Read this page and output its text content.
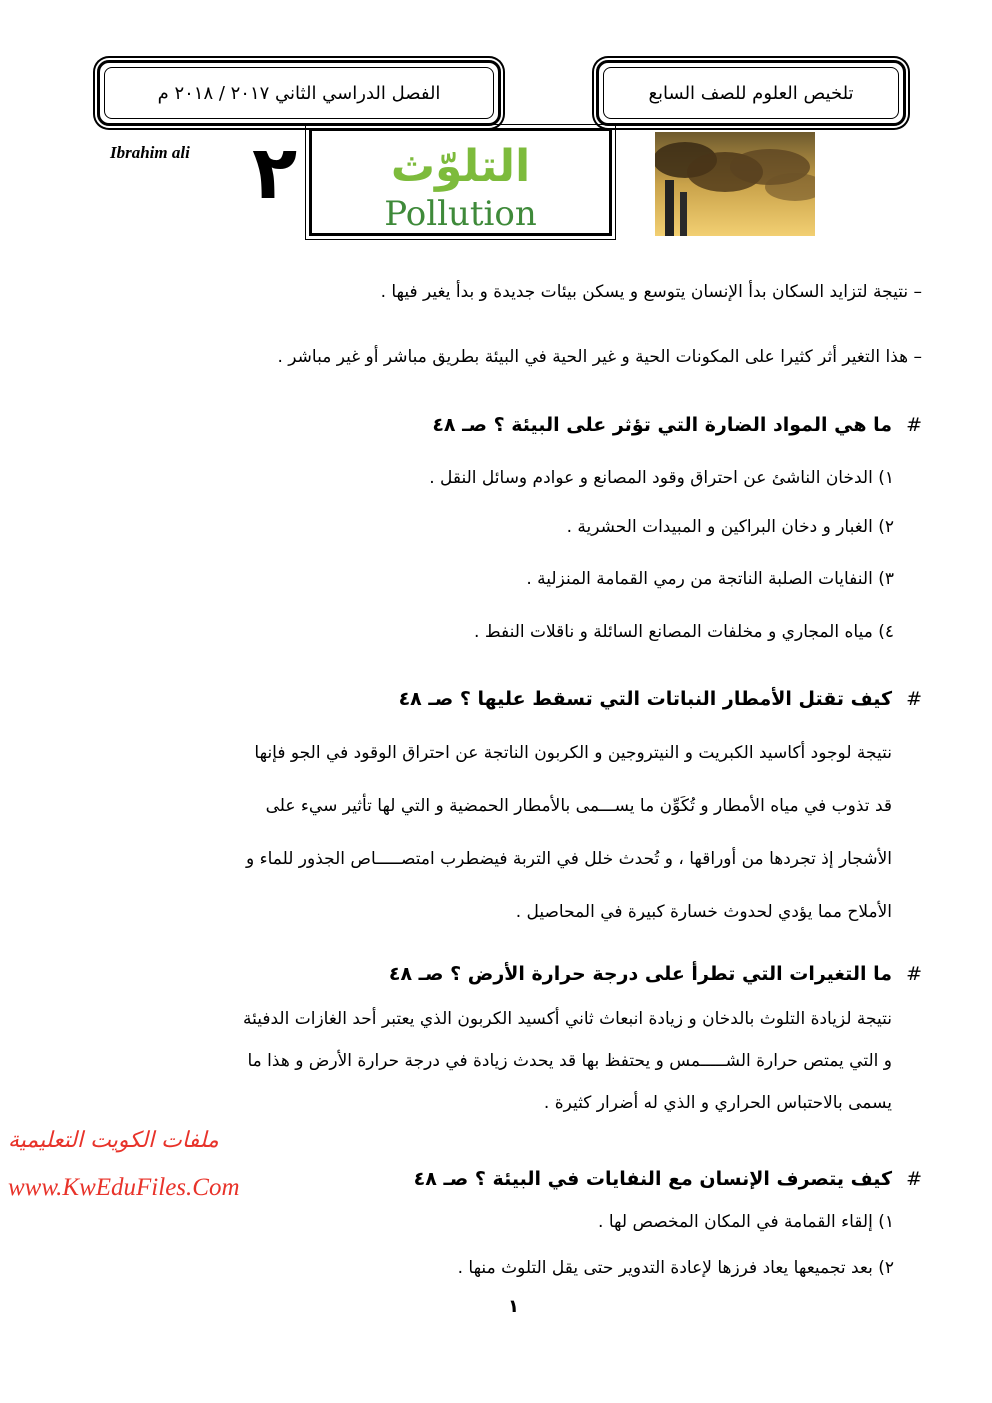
الفصل الدراسي الثاني ٢٠١٧ / ٢٠١٨ م	تلخيص العلوم للصف السابع
Ibrahim ali ٢	التلوّث
Pollution
– نتيجة لتزايد السكان بدأ الإنسان يتوسع و يسكن بيئات جديدة و بدأ يغير فيها .
– هذا التغير أثر كثيرا على المكونات الحية و غير الحية في البيئة بطريق مباشر أو غير مباشر .
#ما هي المواد الضارة التي تؤثر على البيئة ؟ صـ ٤٨
١) الدخان الناشئ عن احتراق وقود المصانع و عوادم وسائل النقل .
٢) الغبار و دخان البراكين و المبيدات الحشرية .
٣) النفايات الصلبة الناتجة من رمي القمامة المنزلية .
٤) مياه المجاري و مخلفات المصانع السائلة و ناقلات النفط .
#كيف تقتل الأمطار النباتات التي تسقط عليها ؟ صـ ٤٨
نتيجة لوجود أكاسيد الكبريت و النيتروجين و الكربون الناتجة عن احتراق الوقود في الجو فإنها
قد تذوب في مياه الأمطار و تُكَوِّن ما يســـمى بالأمطار الحمضية و التي لها تأثير سيء على
الأشجار إذ تجردها من أوراقها ، و تُحدث خلل في التربة فيضطرب امتصـــــاص الجذور للماء و
الأملاح مما يؤدي لحدوث خسارة كبيرة في المحاصيل .
#ما التغيرات التي تطرأ على درجة حرارة الأرض ؟ صـ ٤٨
نتيجة لزيادة التلوث بالدخان و زيادة انبعاث ثاني أكسيد الكربون الذي يعتبر أحد الغازات الدفيئة
و التي يمتص حرارة الشـــــمس و يحتفظ بها قد يحدث زيادة في درجة حرارة الأرض و هذا ما
يسمى بالاحتباس الحراري و الذي له أضرار كثيرة .
ملفات الكويت التعليمية
www.KwEduFiles.Com	#كيف يتصرف الإنسان مع النفايات في البيئة ؟ صـ ٤٨
١) إلقاء القمامة في المكان المخصص لها .
٢) بعد تجميعها يعاد فرزها لإعادة التدوير حتى يقل التلوث منها .
١
